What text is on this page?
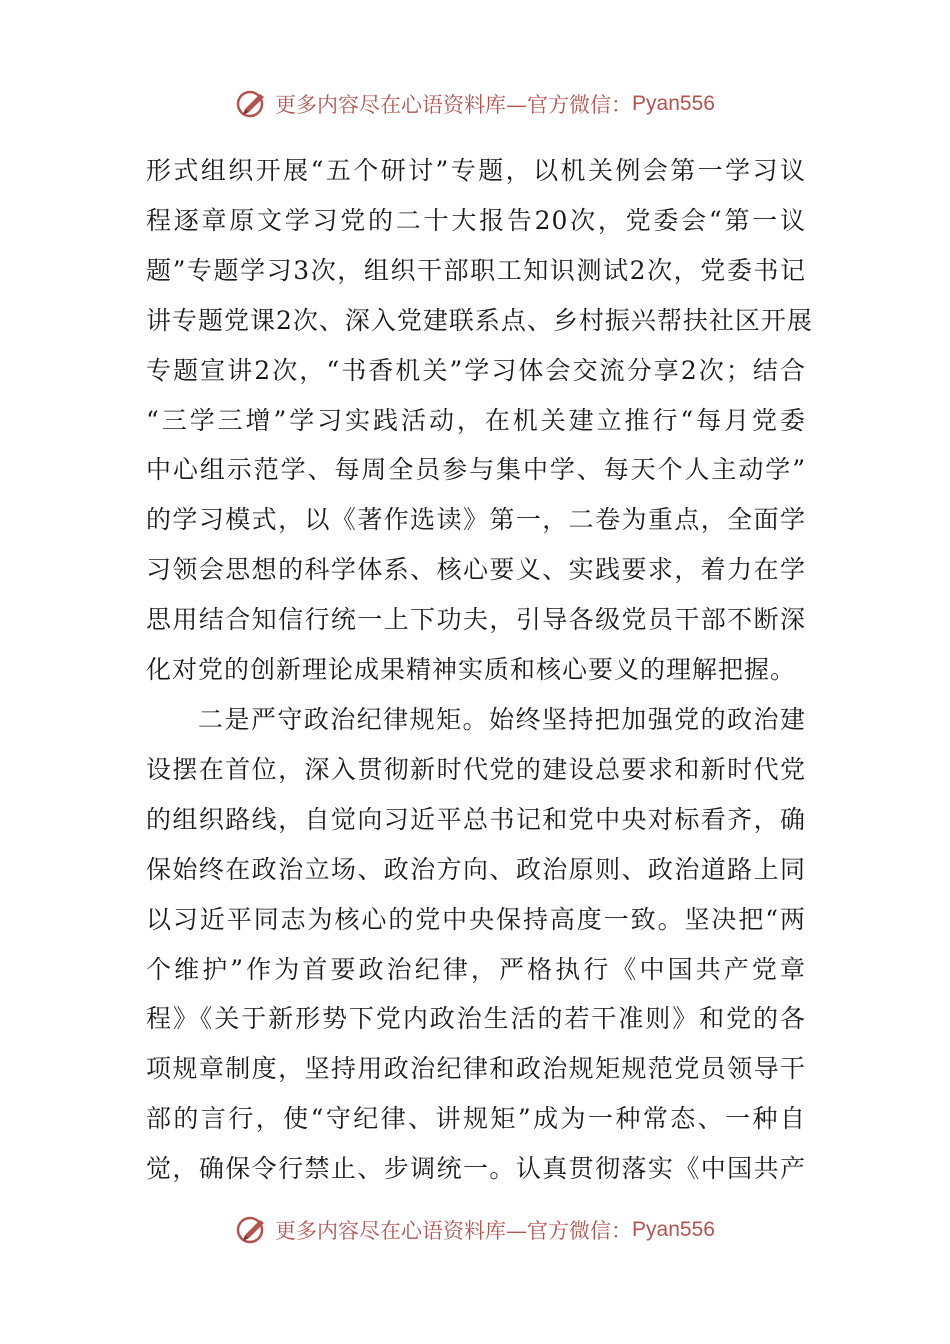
更多内容尽在心语资料库—官方微信： Pyan556
形式组织开展“五个研讨”专题，以机关例会第一学习议
程逐章原文学习党的二十大报告20次，党委会“第一议
题”专题学习3次，组织干部职工知识测试2次，党委书记
讲专题党课2次、深入党建联系点、乡村振兴帮扶社区开展
专题宣讲2次，“书香机关”学习体会交流分享2次；结合
“三学三增”学习实践活动，在机关建立推行“每月党委
中心组示范学、每周全员参与集中学、每天个人主动学”
的学习模式，以《著作选读》第一，二卷为重点，全面学
习领会思想的科学体系、核心要义、实践要求，着力在学
思用结合知信行统一上下功夫，引导各级党员干部不断深
化对党的创新理论成果精神实质和核心要义的理解把握。
二是严守政治纪律规矩。始终坚持把加强党的政治建
设摆在首位，深入贯彻新时代党的建设总要求和新时代党
的组织路线，自觉向习近平总书记和党中央对标看齐，确
保始终在政治立场、政治方向、政治原则、政治道路上同
以习近平同志为核心的党中央保持高度一致。坚决把“两
个维护”作为首要政治纪律，严格执行《中国共产党章
程》《关于新形势下党内政治生活的若干准则》和党的各
项规章制度，坚持用政治纪律和政治规矩规范党员领导干
部的言行，使“守纪律、讲规矩”成为一种常态、一种自
觉，确保令行禁止、步调统一。认真贯彻落实《中国共产
更多内容尽在心语资料库—官方微信： Pyan556
